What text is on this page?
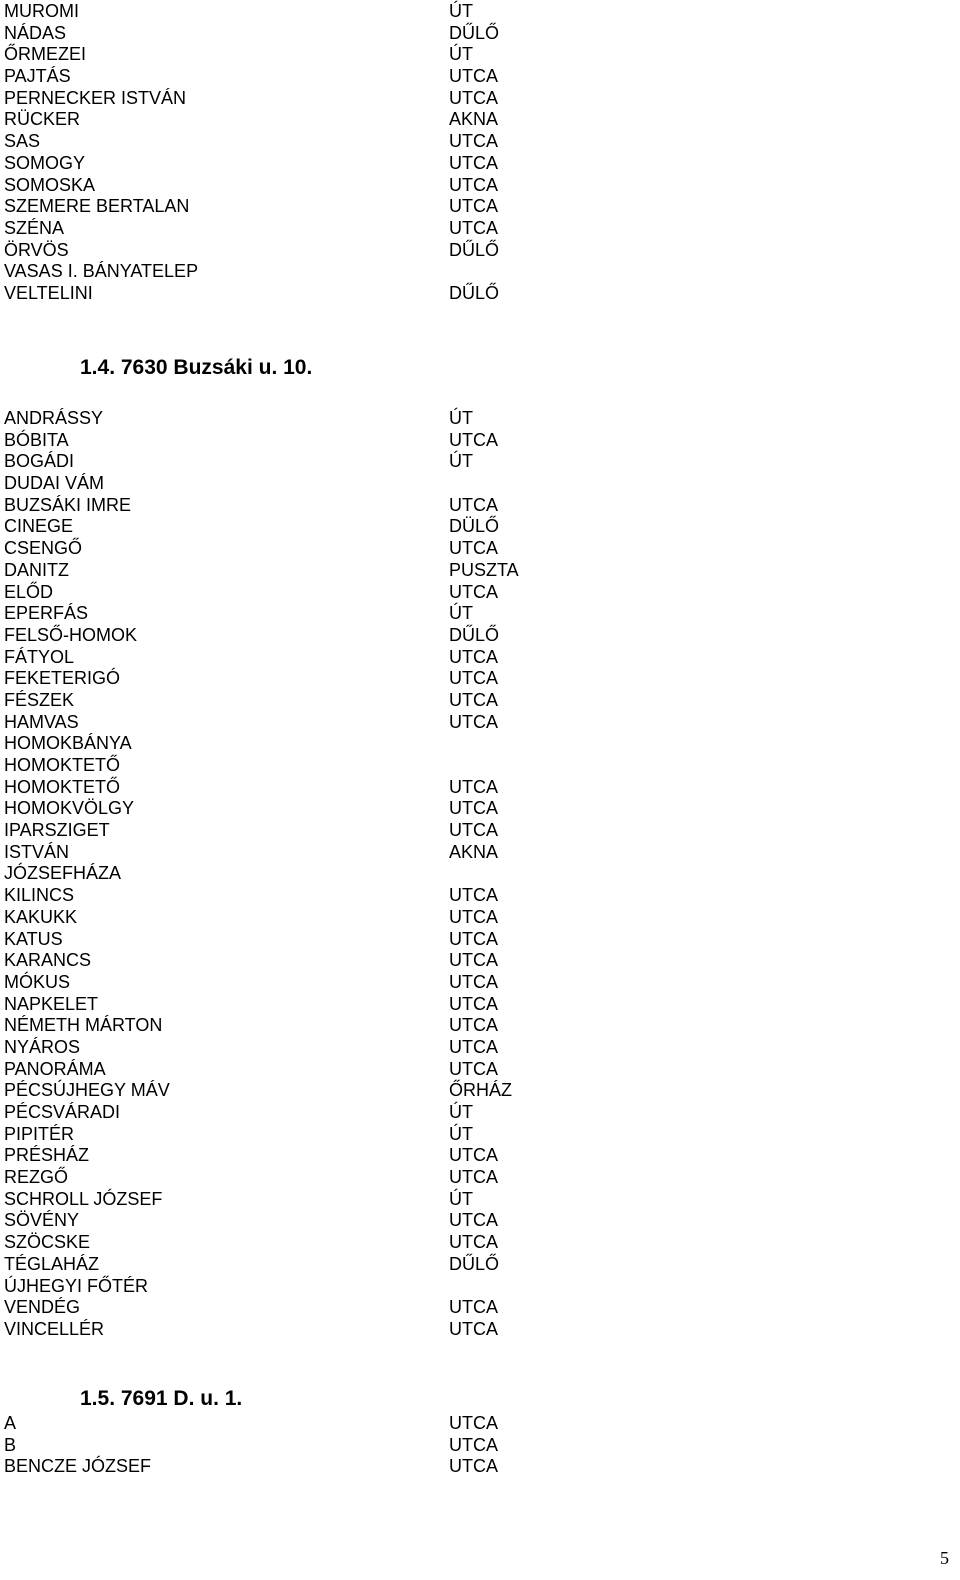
MUROMI	ÚT
NÁDAS	DŰLŐ
ŐRMEZEI	ÚT
PAJTÁS	UTCA
PERNECKER ISTVÁN	UTCA
RÜCKER	AKNA
SAS	UTCA
SOMOGY	UTCA
SOMOSKA	UTCA
SZEMERE BERTALAN	UTCA
SZÉNA	UTCA
ÖRVÖS	DŰLŐ
VASAS I. BÁNYATELEP
VELTELINI	DŰLŐ
1.4. 7630 Buzsáki u. 10.
ANDRÁSSY	ÚT
BÓBITA	UTCA
BOGÁDI	ÚT
DUDAI VÁM
BUZSÁKI IMRE	UTCA
CINEGE	DÜLŐ
CSENGŐ	UTCA
DANITZ	PUSZTA
ELŐD	UTCA
EPERFÁS	ÚT
FELSŐ-HOMOK	DŰLŐ
FÁTYOL	UTCA
FEKETERIGÓ	UTCA
FÉSZEK	UTCA
HAMVAS	UTCA
HOMOKBÁNYA
HOMOKTETŐ
HOMOKTETŐ	UTCA
HOMOKVÖLGY	UTCA
IPARSZIGET	UTCA
ISTVÁN	AKNA
JÓZSEFHÁZA
KILINCS	UTCA
KAKUKK	UTCA
KATUS	UTCA
KARANCS	UTCA
MÓKUS	UTCA
NAPKELET	UTCA
NÉMETH MÁRTON	UTCA
NYÁROS	UTCA
PANORÁMA	UTCA
PÉCSÚJHEGY MÁV	ŐRHÁZ
PÉCSVÁRADI	ÚT
PIPITÉR	ÚT
PRÉSHÁZ	UTCA
REZGŐ	UTCA
SCHROLL JÓZSEF	ÚT
SÖVÉNY	UTCA
SZÖCSKE	UTCA
TÉGLAHÁZ	DŰLŐ
ÚJHEGYI FŐTÉR
VENDÉG	UTCA
VINCELLÉR	UTCA
1.5. 7691 D. u. 1.
A	UTCA
B	UTCA
BENCZE JÓZSEF	UTCA
5
